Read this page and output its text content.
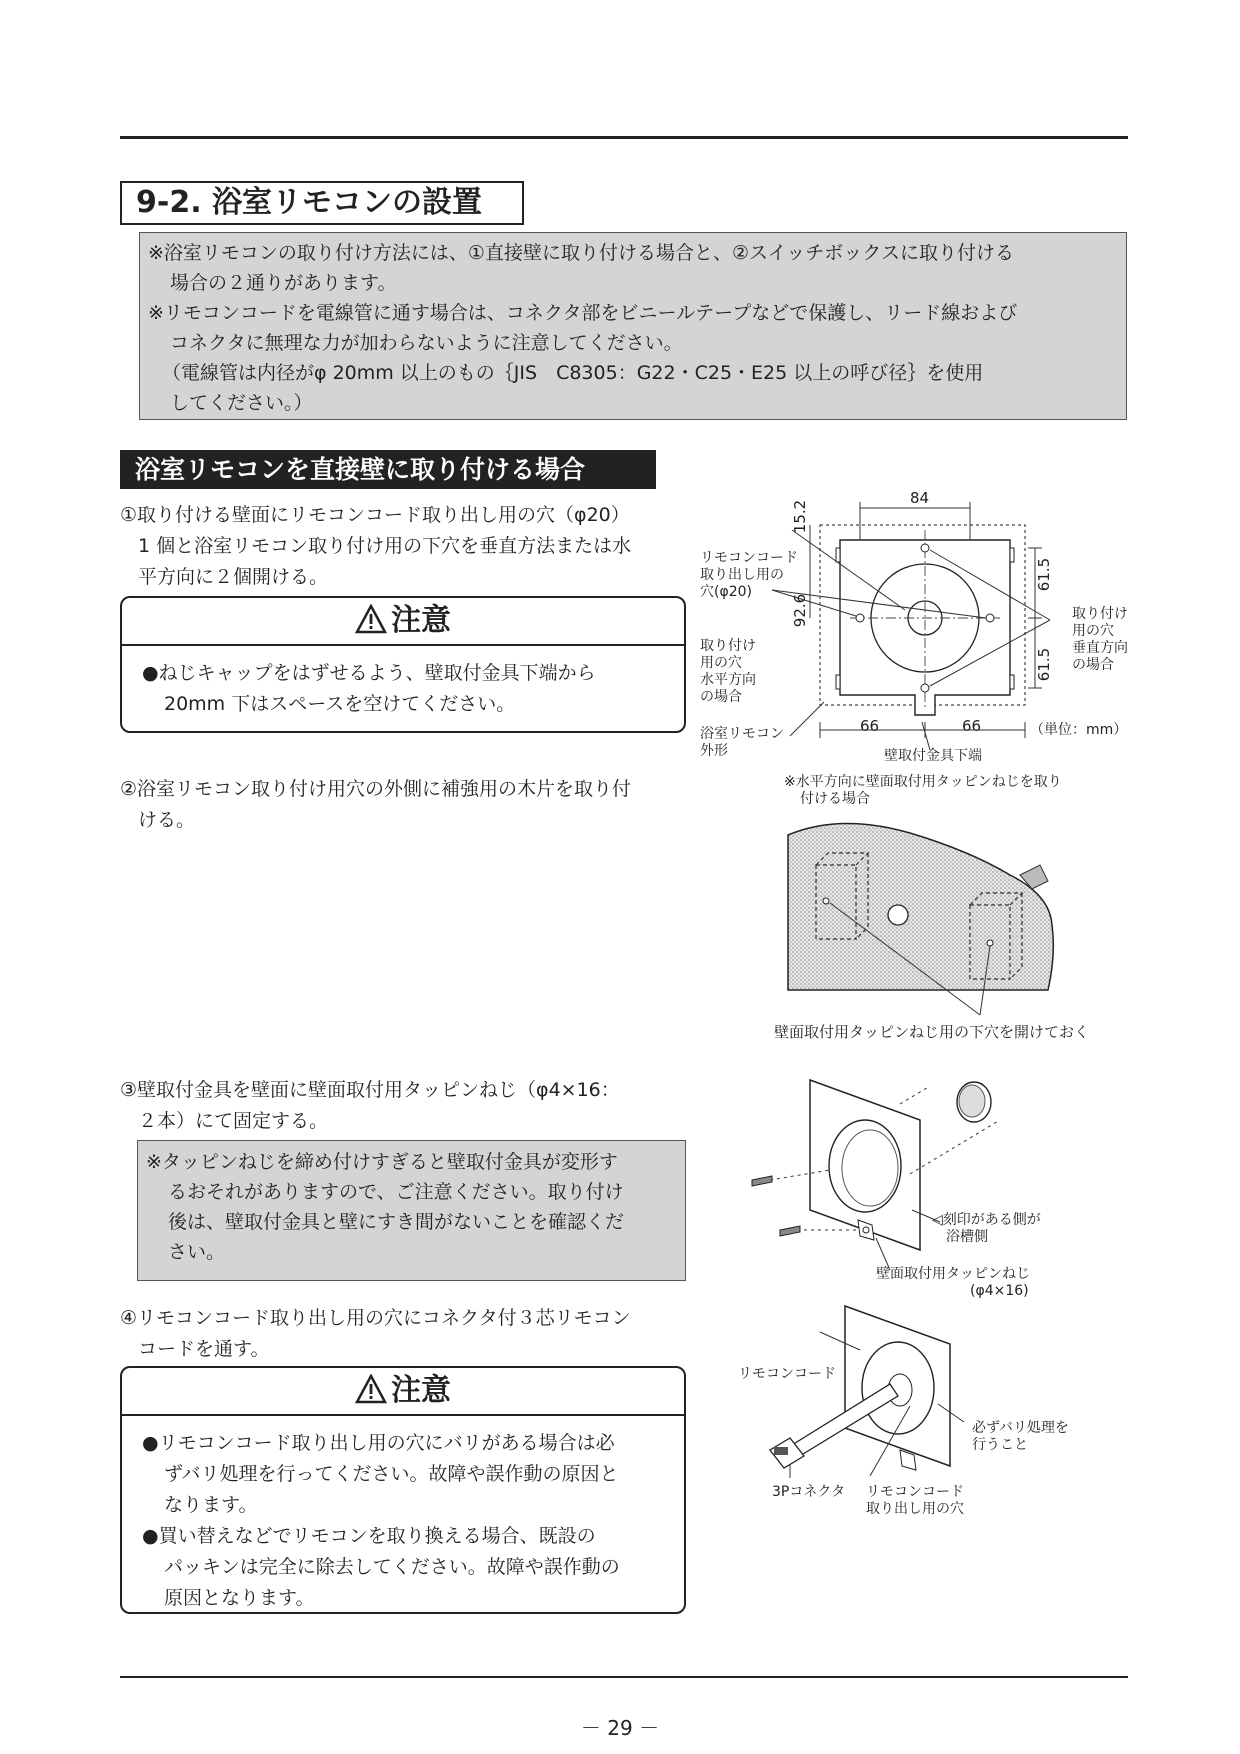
9-2. 浴室リモコンの設置

※浴室リモコンの取り付け方法には、①直接壁に取り付ける場合と、②スイッチボックスに取り付ける

場合の２通りがあります。

※リモコンコードを電線管に通す場合は、コネクタ部をビニールテープなどで保護し、リード線および

コネクタに無理な力が加わらないように注意してください。

（電線管は内径がφ 20mm 以上のもの｛JIS　C8305：G22・C25・E25 以上の呼び径｝を使用

してください。）

浴室リモコンを直接壁に取り付ける場合

①取り付ける壁面にリモコンコード取り出し用の穴（φ20）

1 個と浴室リモコン取り付け用の下穴を垂直方法または水

平方向に２個開ける。

注意
●ねじキャップをはずせるよう、壁取付金具下端から
20mm 下はスペースを空けてください。

②浴室リモコン取り付け用穴の外側に補強用の木片を取り付

ける。

③壁取付金具を壁面に壁面取付用タッピンねじ（φ4×16：

２本）にて固定する。

※タッピンねじを締め付けすぎると壁取付金具が変形す

るおそれがありますので、ご注意ください。取り付け

後は、壁取付金具と壁にすき間がないことを確認くだ

さい。

④リモコンコード取り出し用の穴にコネクタ付３芯リモコン

コードを通す。

注意
●リモコンコード取り出し用の穴にバリがある場合は必
ずバリ処理を行ってください。故障や誤作動の原因と
なります。
●買い替えなどでリモコンを取り換える場合、既設の
パッキンは完全に除去してください。故障や誤作動の
原因となります。
84
15.2
92.6
61.5
61.5
66	66
リモコンコード
取り出し用の
穴(φ20)
取り付け
用の穴
水平方向
の場合
取り付け
用の穴
垂直方向
の場合
浴室リモコン
外形
（単位：mm）
壁取付金具下端
※水平方向に壁面取付用タッピンねじを取り
付ける場合
壁面取付用タッピンねじ用の下穴を開けておく
◁刻印がある側が
浴槽側
壁面取付用タッピンねじ
(φ4×16)
リモコンコード
必ずバリ処理を
行うこと
3Pコネクタ リモコンコード
取り出し用の穴
－ 29 －
